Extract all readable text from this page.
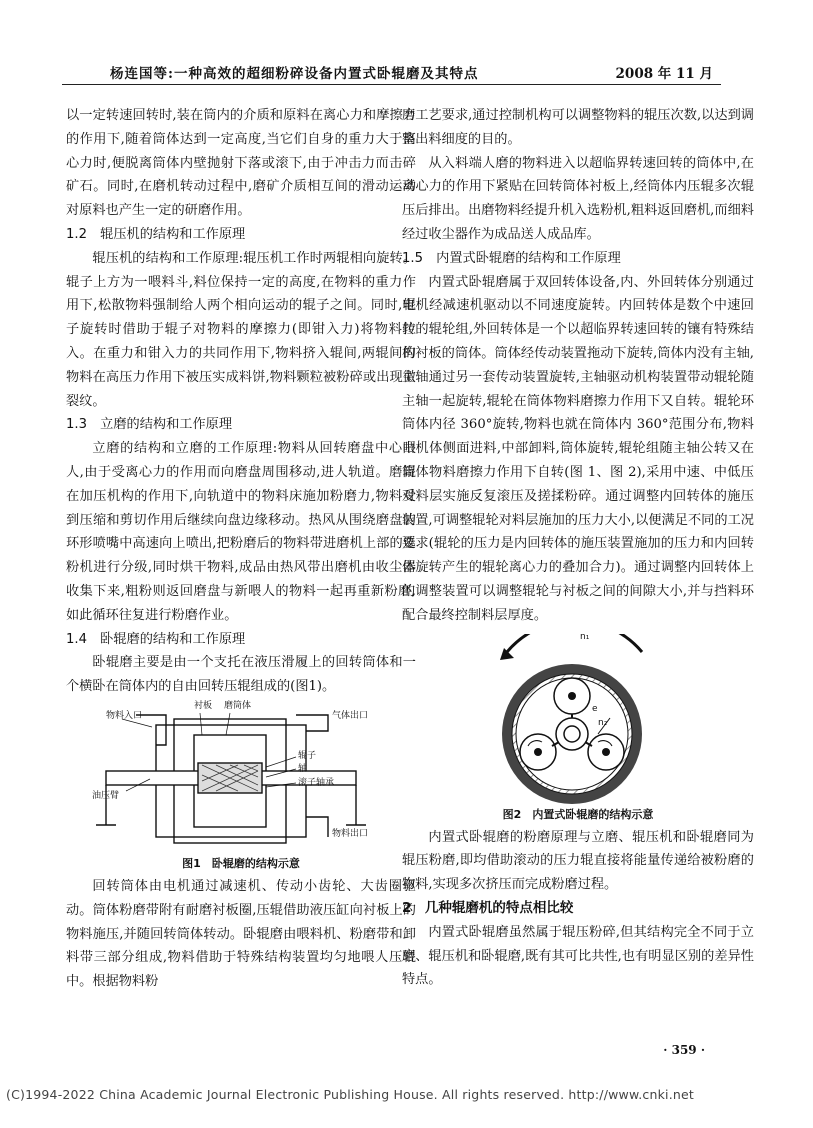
杨连国等:一种高效的超细粉碎设备内置式卧辊磨及其特点	2008 年 11 月

以一定转速回转时,装在筒内的介质和原料在离心力和摩擦力的作用下,随着筒体达到一定高度,当它们自身的重力大于离心力时,便脱离筒体内壁抛射下落或滚下,由于冲击力而击碎矿石。同时,在磨机转动过程中,磨矿介质相互间的滑动运动对原料也产生一定的研磨作用。

1.2　辊压机的结构和工作原理

辊压机的结构和工作原理:辊压机工作时两辊相向旋转。辊子上方为一喂料斗,料位保持一定的高度,在物料的重力作用下,松散物料强制给人两个相向运动的辊子之间。同时,辊子旋转时借助于辊子对物料的摩擦力(即钳入力)将物料拉入。在重力和钳入力的共同作用下,物料挤入辊间,两辊间的物料在高压力作用下被压实成料饼,物料颗粒被粉碎或出现微裂纹。

1.3　立磨的结构和工作原理

立磨的结构和立磨的工作原理:物料从回转磨盘中心喂人,由于受离心力的作用而向磨盘周围移动,进人轨道。磨辊在加压机构的作用下,向轨道中的物料床施加粉磨力,物料受到压缩和剪切作用后继续向盘边缘移动。热风从围绕磨盘的环形喷嘴中高速向上喷出,把粉磨后的物料带进磨机上部的选粉机进行分级,同时烘干物料,成品由热风带出磨机由收尘器收集下来,粗粉则返回磨盘与新喂人的物料一起再重新粉磨,如此循环往复进行粉磨作业。

1.4　卧辊磨的结构和工作原理

卧辊磨主要是由一个支托在液压滑履上的回转筒体和一个横卧在筒体内的自由回转压辊组成的(图1)。

物料入口
衬板 磨筒体
气体出口
辊子
轴
滚子轴承
油压臂
物料出口
图1　卧辊磨的结构示意

回转筒体由电机通过减速机、传动小齿轮、大齿圈驱动。筒体粉磨带附有耐磨衬板圈,压辊借助液压缸向衬板上的物料施压,并随回转筒体转动。卧辊磨由喂料机、粉磨带和卸料带三部分组成,物料借助于特殊结构装置均匀地喂人压辊中。根据物料粉

磨工艺要求,通过控制机构可以调整物料的辊压次数,以达到调整出料细度的目的。

从入料端人磨的物料进入以超临界转速回转的筒体中,在离心力的作用下紧贴在回转筒体衬板上,经筒体内压辊多次辊压后排出。出磨物料经提升机入选粉机,粗料返回磨机,而细料经过收尘器作为成品送人成品库。

1.5　内置式卧辊磨的结构和工作原理

内置式卧辊磨属于双回转体设备,内、外回转体分别通过电机经减速机驱动以不同速度旋转。内回转体是数个中速回转的辊轮组,外回转体是一个以超临界转速回转的镶有特殊结构衬板的筒体。筒体经传动装置拖动下旋转,筒体内没有主轴,主轴通过另一套传动装置旋转,主轴驱动机构装置带动辊轮随主轴一起旋转,辊轮在筒体物料磨擦力作用下又自转。辊轮环筒体内径 360°旋转,物料也就在筒体内 360°范围分布,物料由机体侧面进料,中部卸料,筒体旋转,辊轮组随主轴公转又在筒体物料磨擦力作用下自转(图 1、图 2),采用中速、中低压对料层实施反复滚压及搓揉粉碎。通过调整内回转体的施压装置,可调整辊轮对料层施加的压力大小,以便满足不同的工况要求(辊轮的压力是内回转体的施压装置施加的压力和内回转体旋转产生的辊轮离心力的叠加合力)。通过调整内回转体上的调整装置可以调整辊轮与衬板之间的间隙大小,并与挡料环配合最终控制料层厚度。

n₁
n₂
e
图2　内置式卧辊磨的结构示意

内置式卧辊磨的粉磨原理与立磨、辊压机和卧辊磨同为辊压粉磨,即均借助滚动的压力辊直接将能量传递给被粉磨的物料,实现多次挤压而完成粉磨过程。

2　几种辊磨机的特点相比较

内置式卧辊磨虽然属于辊压粉碎,但其结构完全不同于立磨、辊压机和卧辊磨,既有其可比共性,也有明显区别的差异性特点。

· 359 ·
(C)1994-2022 China Academic Journal Electronic Publishing House. All rights reserved. http://www.cnki.net
